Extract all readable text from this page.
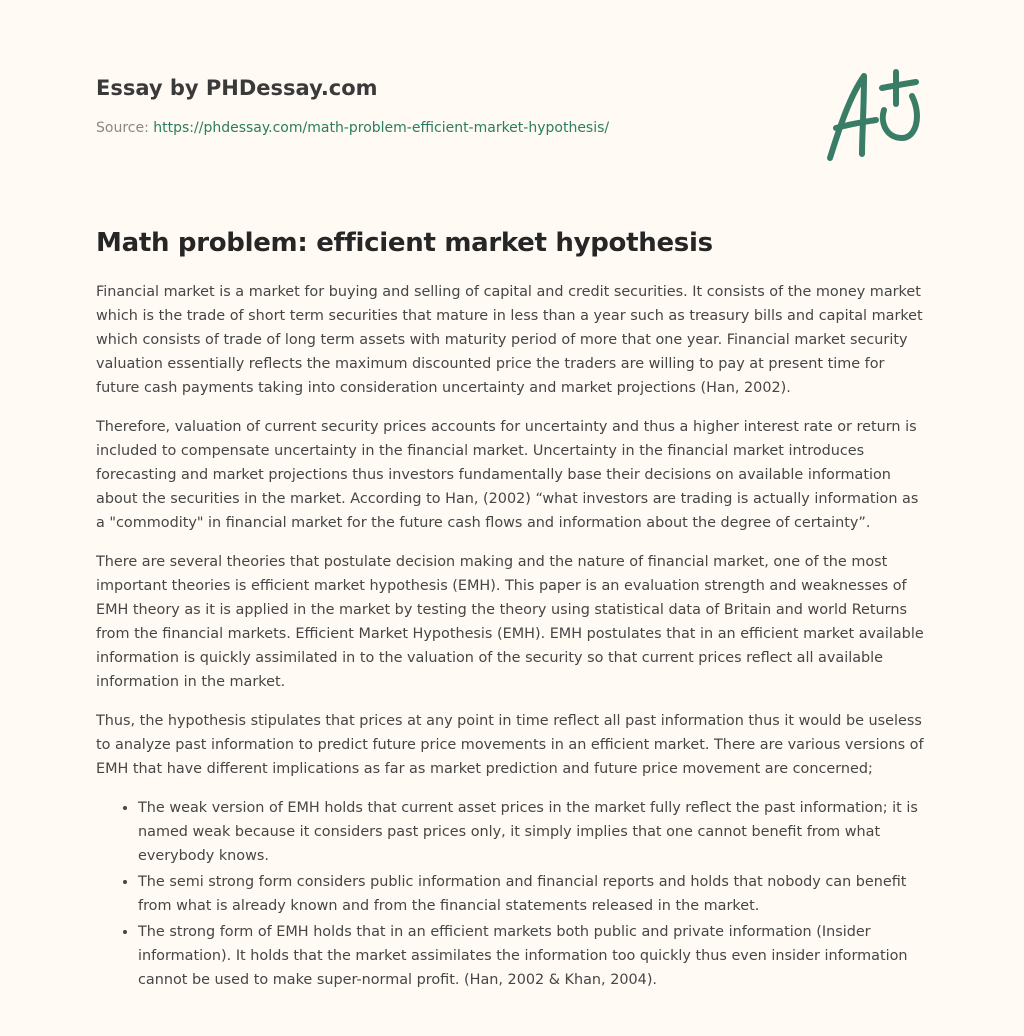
Essay by PHDessay.com
Source: https://phdessay.com/math-problem-efficient-market-hypothesis/
Math problem: efficient market hypothesis

Financial market is a market for buying and selling of capital and credit securities. It consists of the money market which is the trade of short term securities that mature in less than a year such as treasury bills and capital market which consists of trade of long term assets with maturity period of more that one year. Financial market security valuation essentially reflects the maximum discounted price the traders are willing to pay at present time for future cash payments taking into consideration uncertainty and market projections (Han, 2002).

Therefore, valuation of current security prices accounts for uncertainty and thus a higher interest rate or return is included to compensate uncertainty in the financial market. Uncertainty in the financial market introduces forecasting and market projections thus investors fundamentally base their decisions on available information about the securities in the market. According to Han, (2002) “what investors are trading is actually information as a "commodity" in financial market for the future cash flows and information about the degree of certainty”.

There are several theories that postulate decision making and the nature of financial market, one of the most important theories is efficient market hypothesis (EMH). This paper is an evaluation strength and weaknesses of EMH theory as it is applied in the market by testing the theory using statistical data of Britain and world Returns from the financial markets. Efficient Market Hypothesis (EMH). EMH postulates that in an efficient market available information is quickly assimilated in to the valuation of the security so that current prices reflect all available information in the market.

Thus, the hypothesis stipulates that prices at any point in time reflect all past information thus it would be useless to analyze past information to predict future price movements in an efficient market. There are various versions of EMH that have different implications as far as market prediction and future price movement are concerned;

• The weak version of EMH holds that current asset prices in the market fully reflect the past information; it is named weak because it considers past prices only, it simply implies that one cannot benefit from what everybody knows.
• The semi strong form considers public information and financial reports and holds that nobody can benefit from what is already known and from the financial statements released in the market.
• The strong form of EMH holds that in an efficient markets both public and private information (Insider information). It holds that the market assimilates the information too quickly thus even insider information cannot be used to make super-normal profit. (Han, 2002 & Khan, 2004).
